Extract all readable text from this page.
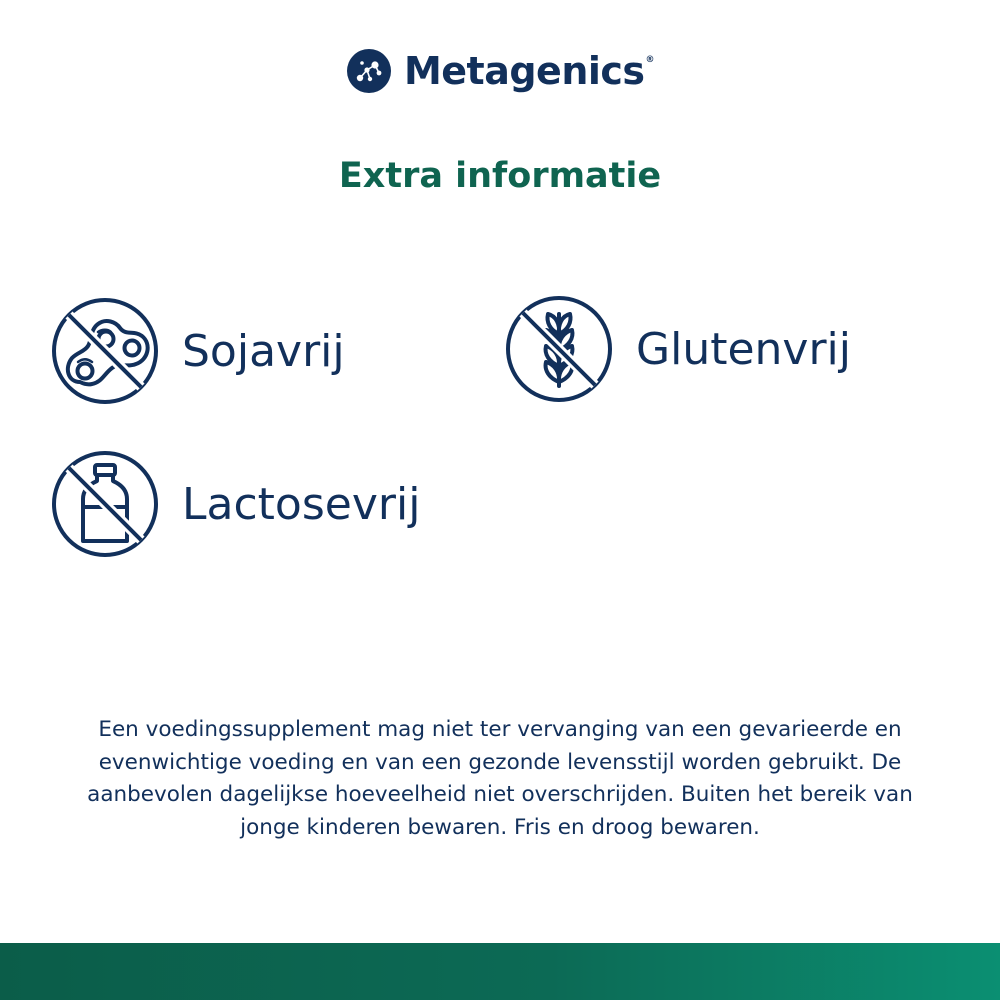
Metagenics®
Extra informatie
Sojavrij	Glutenvrij
Lactosevrij
Een voedingssupplement mag niet ter vervanging van een gevarieerde en evenwichtige voeding en van een gezonde levensstijl worden gebruikt. De aanbevolen dagelijkse hoeveelheid niet overschrijden. Buiten het bereik van jonge kinderen bewaren. Fris en droog bewaren.
